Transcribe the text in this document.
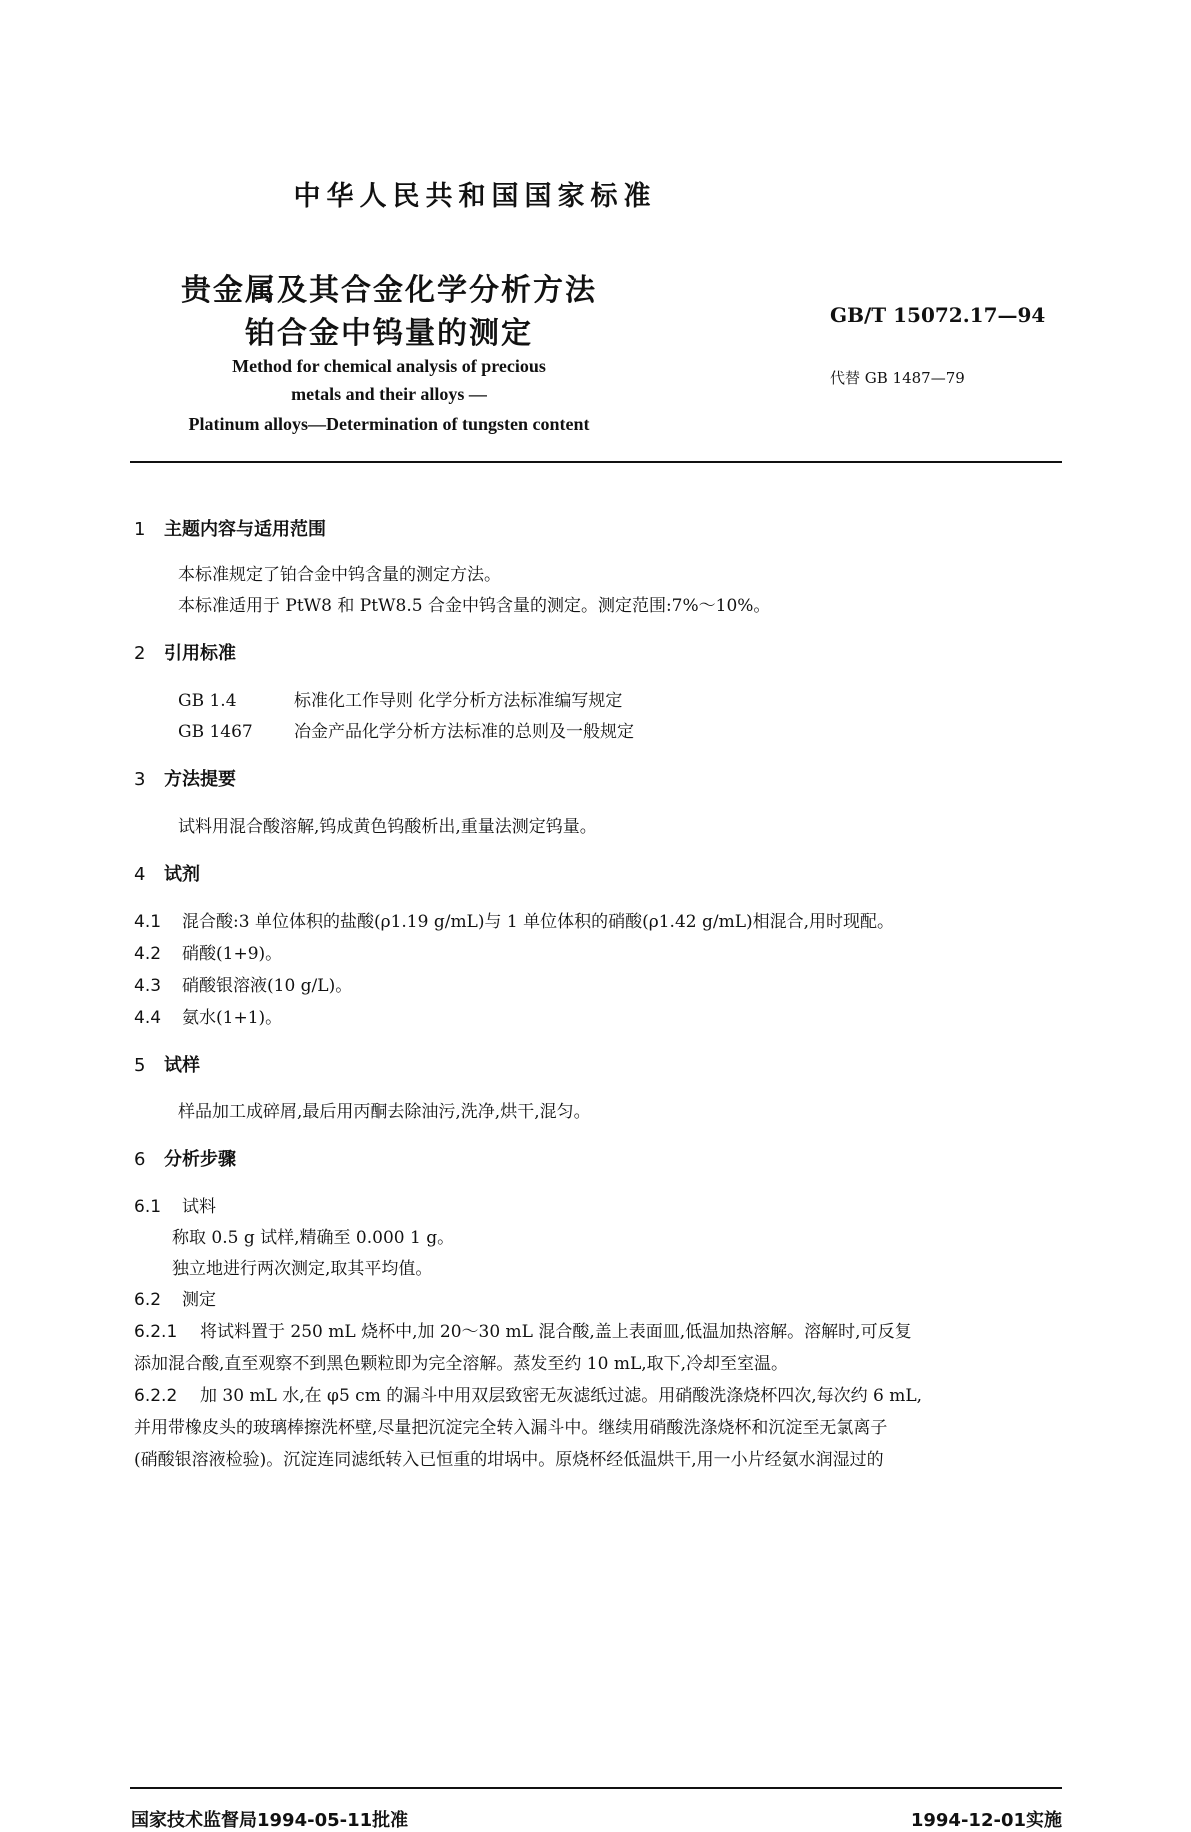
中华人民共和国国家标准
贵金属及其合金化学分析方法
铂合金中钨量的测定
Method for chemical analysis of precious
metals and their alloys —
Platinum alloys—Determination of tungsten content
GB/T 15072.17—94
代替 GB 1487—79
1 主题内容与适用范围
本标准规定了铂合金中钨含量的测定方法。
本标准适用于 PtW8 和 PtW8.5 合金中钨含量的测定。测定范围:7%～10%。
2 引用标准
GB 1.4	标准化工作导则 化学分析方法标准编写规定
GB 1467 冶金产品化学分析方法标准的总则及一般规定
3 方法提要
试料用混合酸溶解,钨成黄色钨酸析出,重量法测定钨量。
4 试剂
4.1 混合酸:3 单位体积的盐酸(ρ1.19 g/mL)与 1 单位体积的硝酸(ρ1.42 g/mL)相混合,用时现配。
4.2 硝酸(1+9)。
4.3 硝酸银溶液(10 g/L)。
4.4 氨水(1+1)。
5 试样
样品加工成碎屑,最后用丙酮去除油污,洗净,烘干,混匀。
6 分析步骤
6.1 试料
称取 0.5 g 试样,精确至 0.000 1 g。
独立地进行两次测定,取其平均值。
6.2 测定
6.2.1 将试料置于 250 mL 烧杯中,加 20～30 mL 混合酸,盖上表面皿,低温加热溶解。溶解时,可反复
添加混合酸,直至观察不到黑色颗粒即为完全溶解。蒸发至约 10 mL,取下,冷却至室温。
6.2.2 加 30 mL 水,在 φ5 cm 的漏斗中用双层致密无灰滤纸过滤。用硝酸洗涤烧杯四次,每次约 6 mL,
并用带橡皮头的玻璃棒擦洗杯壁,尽量把沉淀完全转入漏斗中。继续用硝酸洗涤烧杯和沉淀至无氯离子
(硝酸银溶液检验)。沉淀连同滤纸转入已恒重的坩埚中。原烧杯经低温烘干,用一小片经氨水润湿过的
国家技术监督局1994-05-11批准	1994-12-01实施
